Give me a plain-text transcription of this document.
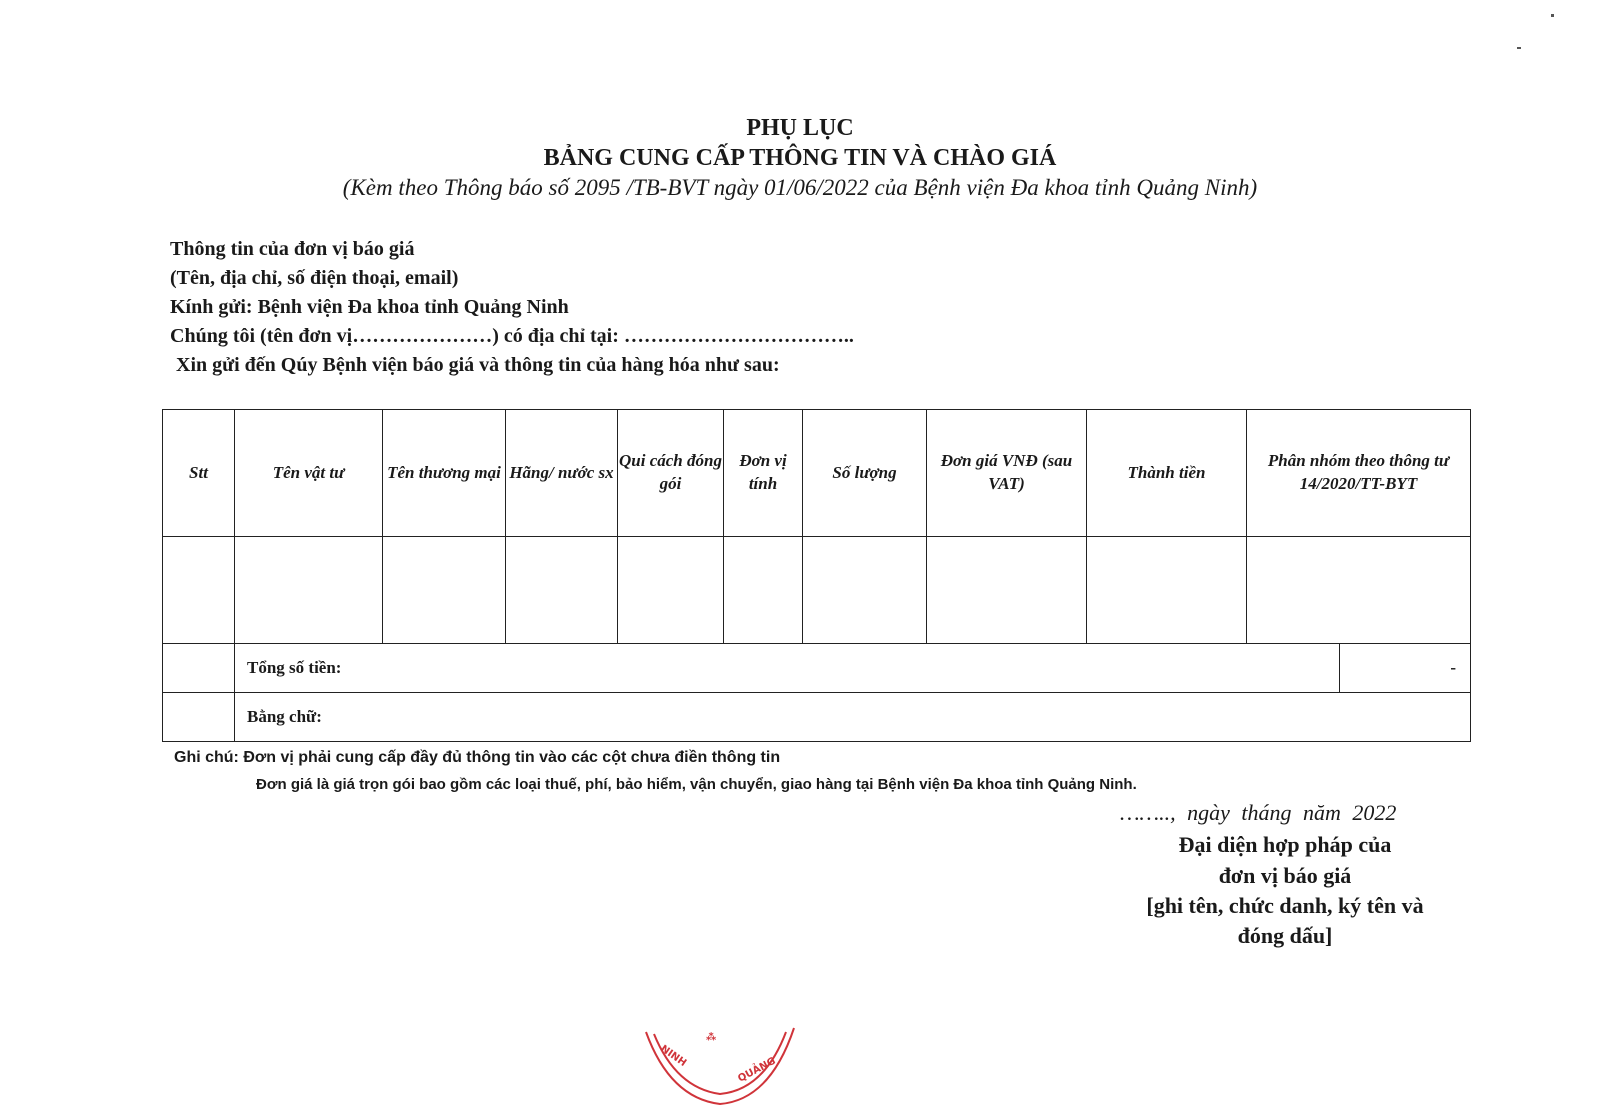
PHỤ LỤC
BẢNG CUNG CẤP THÔNG TIN VÀ CHÀO GIÁ
(Kèm theo Thông báo số 2095 /TB-BVT ngày 01/06/2022 của Bệnh viện Đa khoa tỉnh Quảng Ninh)
Thông tin của đơn vị báo giá
(Tên, địa chỉ, số điện thoại, email)
Kính gửi: Bệnh viện Đa khoa tỉnh Quảng Ninh
Chúng tôi (tên đơn vị…………………) có địa chỉ tại: ……………………………..
Xin gửi đến Qúy Bệnh viện báo giá và thông tin của hàng hóa như sau:
Stt	Tên vật tư	Tên thương mại	Hãng/ nước sx	Qui cách đóng gói	Đơn vị tính	Số lượng	Đơn giá VNĐ (sau VAT)	Thành tiền	Phân nhóm theo thông tư 14/2020/TT-BYT	

	Tổng số tiền:									-
	Bằng chữ:									
Ghi chú: Đơn vị phải cung cấp đầy đủ thông tin vào các cột chưa điền thông tin
Đơn giá là giá trọn gói bao gồm các loại thuế, phí, bảo hiểm, vận chuyển, giao hàng tại Bệnh viện Đa khoa tỉnh Quảng Ninh.
…….., ngày tháng năm 2022
Đại diện hợp pháp của
đơn vị báo giá
[ghi tên, chức danh, ký tên và
đóng dấu]
NINH	QUẢNG
⁂
